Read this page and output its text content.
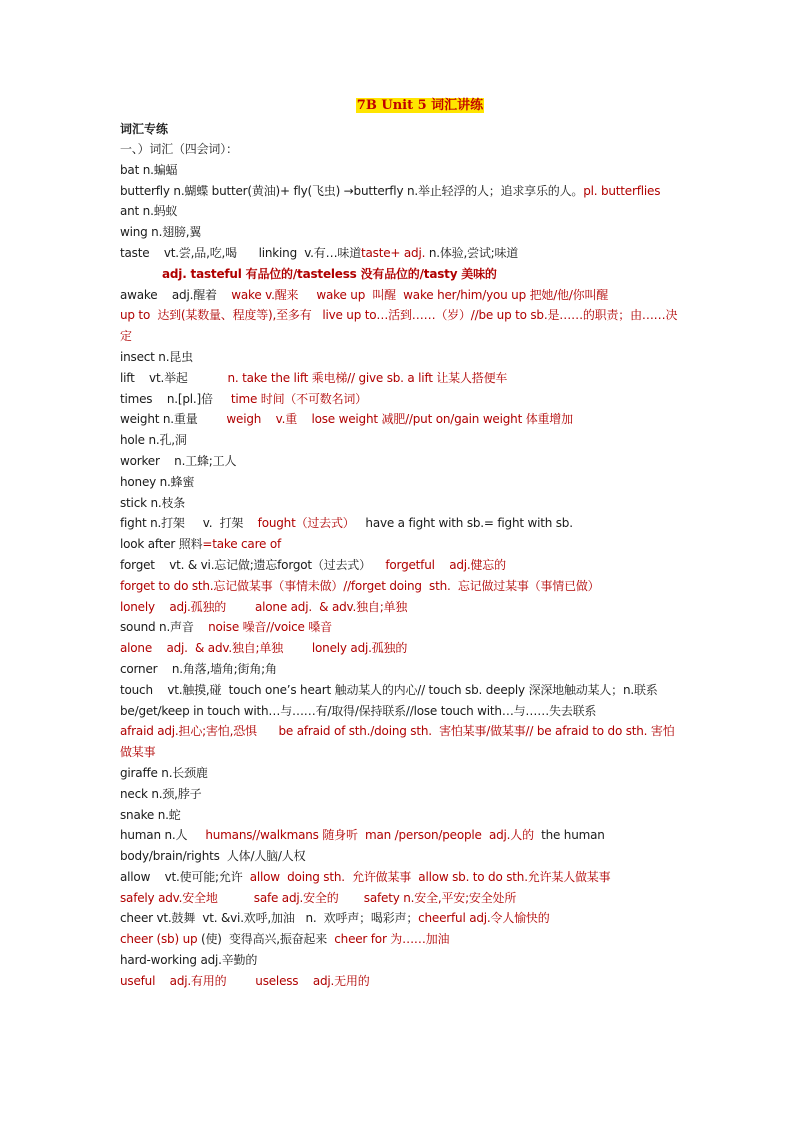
7B Unit 5 词汇讲练
词汇专练
一、）词汇（四会词）：
bat n.蝙蝠
butterfly n.蝴蝶 butter(黄油)+ fly(飞虫) →butterfly n.举止轻浮的人；追求享乐的人。pl. butterflies
ant n.蚂蚁
wing n.翅膀,翼
taste    vt.尝,品,吃,喝      linking  v.有…味道taste+ adj. n.体验,尝试;味道
adj. tasteful 有品位的/tasteless 没有品位的/tasty 美味的
awake    adj.醒着    wake v.醒来     wake up  叫醒  wake her/him/you up 把她/他/你叫醒
up to  达到(某数量、程度等),至多有   live up to…活到……（岁）//be up to sb.是……的职责；由……决定
insect n.昆虫
lift    vt.举起           n. take the lift 乘电梯// give sb. a lift 让某人搭便车
times    n.[pl.]倍     time 时间（不可数名词）
weight n.重量        weigh    v.重    lose weight 减肥//put on/gain weight 体重增加
hole n.孔,洞
worker    n.工蜂;工人
honey n.蜂蜜
stick n.枝条
fight n.打架     v.  打架    fought（过去式）   have a fight with sb.= fight with sb.
look after 照料=take care of
forget    vt. & vi.忘记做;遗忘forgot（过去式）    forgetful    adj.健忘的
forget to do sth.忘记做某事（事情未做）//forget doing  sth.  忘记做过某事（事情已做）
lonely    adj.孤独的        alone adj.  & adv.独自;单独
sound n.声音    noise 噪音//voice 嗓音
alone    adj.  & adv.独自;单独        lonely adj.孤独的
corner    n.角落,墙角;街角;角
touch    vt.触摸,碰  touch one’s heart 触动某人的内心// touch sb. deeply 深深地触动某人；n.联系  be/get/keep in touch with…与……有/取得/保持联系//lose touch with…与……失去联系
afraid adj.担心;害怕,恐惧      be afraid of sth./doing sth.  害怕某事/做某事// be afraid to do sth. 害怕做某事
giraffe n.长颈鹿
neck n.颈,脖子
snake n.蛇
human n.人     humans//walkmans 随身听  man /person/people  adj.人的  the human
body/brain/rights  人体/人脑/人权
allow    vt.使可能;允许  allow  doing sth.  允许做某事  allow sb. to do sth.允许某人做某事
safely adv.安全地          safe adj.安全的       safety n.安全,平安;安全处所
cheer vt.鼓舞  vt. &vi.欢呼,加油   n.  欢呼声；喝彩声；cheerful adj.令人愉快的
cheer (sb) up (使)  变得高兴,振奋起来  cheer for 为……加油
hard-working adj.辛勤的
useful    adj.有用的        useless    adj.无用的
